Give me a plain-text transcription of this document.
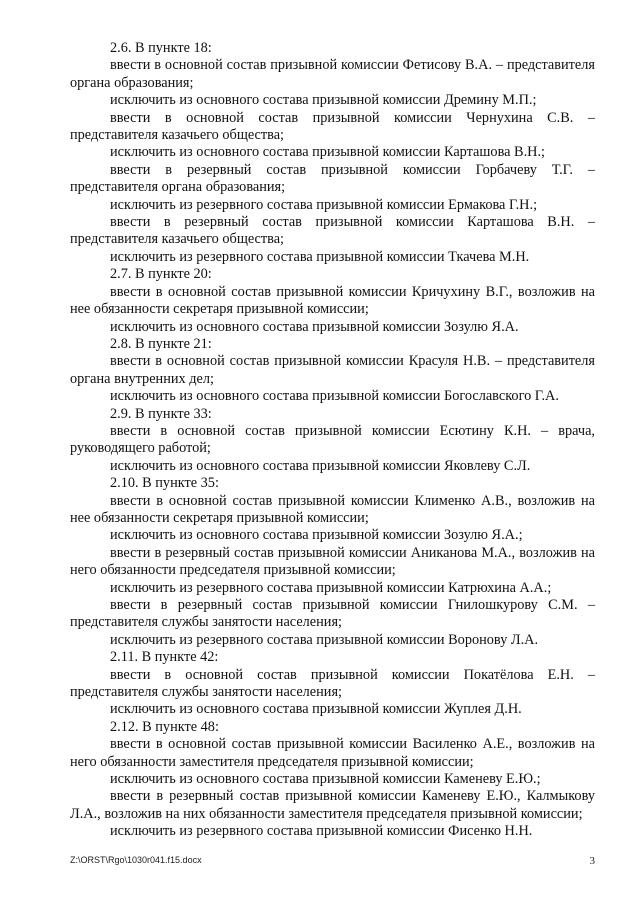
2.6. В пункте 18:

ввести в основной состав призывной комиссии Фетисову В.А. – представителя органа образования;

исключить из основного состава призывной комиссии Дремину М.П.;

ввести в основной состав призывной комиссии Чернухина С.В. – представителя казачьего общества;

исключить из основного состава призывной комиссии Карташова В.Н.;

ввести в резервный состав призывной комиссии Горбачеву Т.Г. – представителя органа образования;

исключить из резервного состава призывной комиссии Ермакова Г.Н.;

ввести в резервный состав призывной комиссии Карташова В.Н. – представителя казачьего общества;

исключить из резервного состава призывной комиссии Ткачева М.Н.

2.7. В пункте 20:

ввести в основной состав призывной комиссии Кричухину В.Г., возложив на нее обязанности секретаря призывной комиссии;

исключить из основного состава призывной комиссии Зозулю Я.А.

2.8. В пункте 21:

ввести в основной состав призывной комиссии Красуля Н.В. – представителя органа внутренних дел;

исключить из основного состава призывной комиссии Богославского Г.А.

2.9. В пункте 33:

ввести в основной состав призывной комиссии Есютину К.Н. – врача, руководящего работой;

исключить из основного состава призывной комиссии Яковлеву С.Л.

2.10. В пункте 35:

ввести в основной состав призывной комиссии Клименко А.В., возложив на нее обязанности секретаря призывной комиссии;

исключить из основного состава призывной комиссии Зозулю Я.А.;

ввести в резервный состав призывной комиссии Аниканова М.А., возложив на него обязанности председателя призывной комиссии;

исключить из резервного состава призывной комиссии Катрюхина А.А.;

ввести в резервный состав призывной комиссии Гнилошкурову С.М. – представителя службы занятости населения;

исключить из резервного состава призывной комиссии Воронову Л.А.

2.11. В пункте 42:

ввести в основной состав призывной комиссии Покатёлова Е.Н. – представителя службы занятости населения;

исключить из основного состава призывной комиссии Жуплея Д.Н.

2.12. В пункте 48:

ввести в основной состав призывной комиссии Василенко А.Е., возложив на него обязанности заместителя председателя призывной комиссии;

исключить из основного состава призывной комиссии Каменеву Е.Ю.;

ввести в резервный состав призывной комиссии Каменеву Е.Ю., Калмыкову Л.А., возложив на них обязанности заместителя председателя призывной комиссии;

исключить из резервного состава призывной комиссии Фисенко Н.Н.

Z:\ORST\Rgo\1030r041.f15.docx	3
